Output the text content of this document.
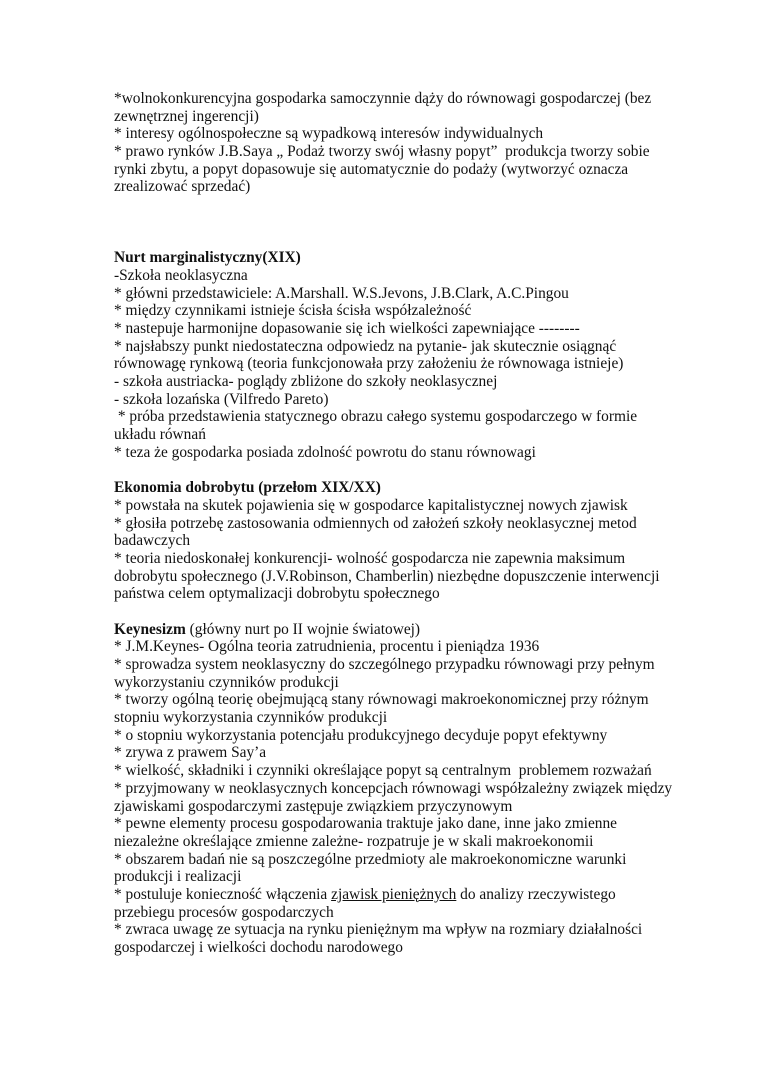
*wolnokonkurencyjna gospodarka samoczynnie dąży do równowagi gospodarczej (bez
zewnętrznej ingerencji)
* interesy ogólnospołeczne są wypadkową interesów indywidualnych
* prawo rynków J.B.Saya „ Podaż tworzy swój własny popyt”  produkcja tworzy sobie
rynki zbytu, a popyt dopasowuje się automatycznie do podaży (wytworzyć oznacza
zrealizować sprzedać)
Nurt marginalistyczny(XIX)
-Szkoła neoklasyczna
* główni przedstawiciele: A.Marshall. W.S.Jevons, J.B.Clark, A.C.Pingou
* między czynnikami istnieje ścisła ścisła współzależność
* nastepuje harmonijne dopasowanie się ich wielkości zapewniające --------
* najsłabszy punkt niedostateczna odpowiedz na pytanie- jak skutecznie osiągnąć
równowagę rynkową (teoria funkcjonowała przy założeniu że równowaga istnieje)
- szkoła austriacka- poglądy zbliżone do szkoły neoklasycznej
- szkoła lozańska (Vilfredo Pareto)
* próba przedstawienia statycznego obrazu całego systemu gospodarczego w formie
układu równań
* teza że gospodarka posiada zdolność powrotu do stanu równowagi
Ekonomia dobrobytu (przełom XIX/XX)
* powstała na skutek pojawienia się w gospodarce kapitalistycznej nowych zjawisk
* głosiła potrzebę zastosowania odmiennych od założeń szkoły neoklasycznej metod
badawczych
* teoria niedoskonałej konkurencji- wolność gospodarcza nie zapewnia maksimum
dobrobytu społecznego (J.V.Robinson, Chamberlin) niezbędne dopuszczenie interwencji
państwa celem optymalizacji dobrobytu społecznego
Keynesizm (główny nurt po II wojnie światowej)
* J.M.Keynes- Ogólna teoria zatrudnienia, procentu i pieniądza 1936
* sprowadza system neoklasyczny do szczególnego przypadku równowagi przy pełnym
wykorzystaniu czynników produkcji
* tworzy ogólną teorię obejmującą stany równowagi makroekonomicznej przy różnym
stopniu wykorzystania czynników produkcji
* o stopniu wykorzystania potencjału produkcyjnego decyduje popyt efektywny
* zrywa z prawem Say’a
* wielkość, składniki i czynniki określające popyt są centralnym  problemem rozważań
* przyjmowany w neoklasycznych koncepcjach równowagi współzależny związek między
zjawiskami gospodarczymi zastępuje związkiem przyczynowym
* pewne elementy procesu gospodarowania traktuje jako dane, inne jako zmienne
niezależne określające zmienne zależne- rozpatruje je w skali makroekonomii
* obszarem badań nie są poszczególne przedmioty ale makroekonomiczne warunki
produkcji i realizacji
* postuluje konieczność włączenia zjawisk pieniężnych do analizy rzeczywistego
przebiegu procesów gospodarczych
* zwraca uwagę ze sytuacja na rynku pieniężnym ma wpływ na rozmiary działalności
gospodarczej i wielkości dochodu narodowego
